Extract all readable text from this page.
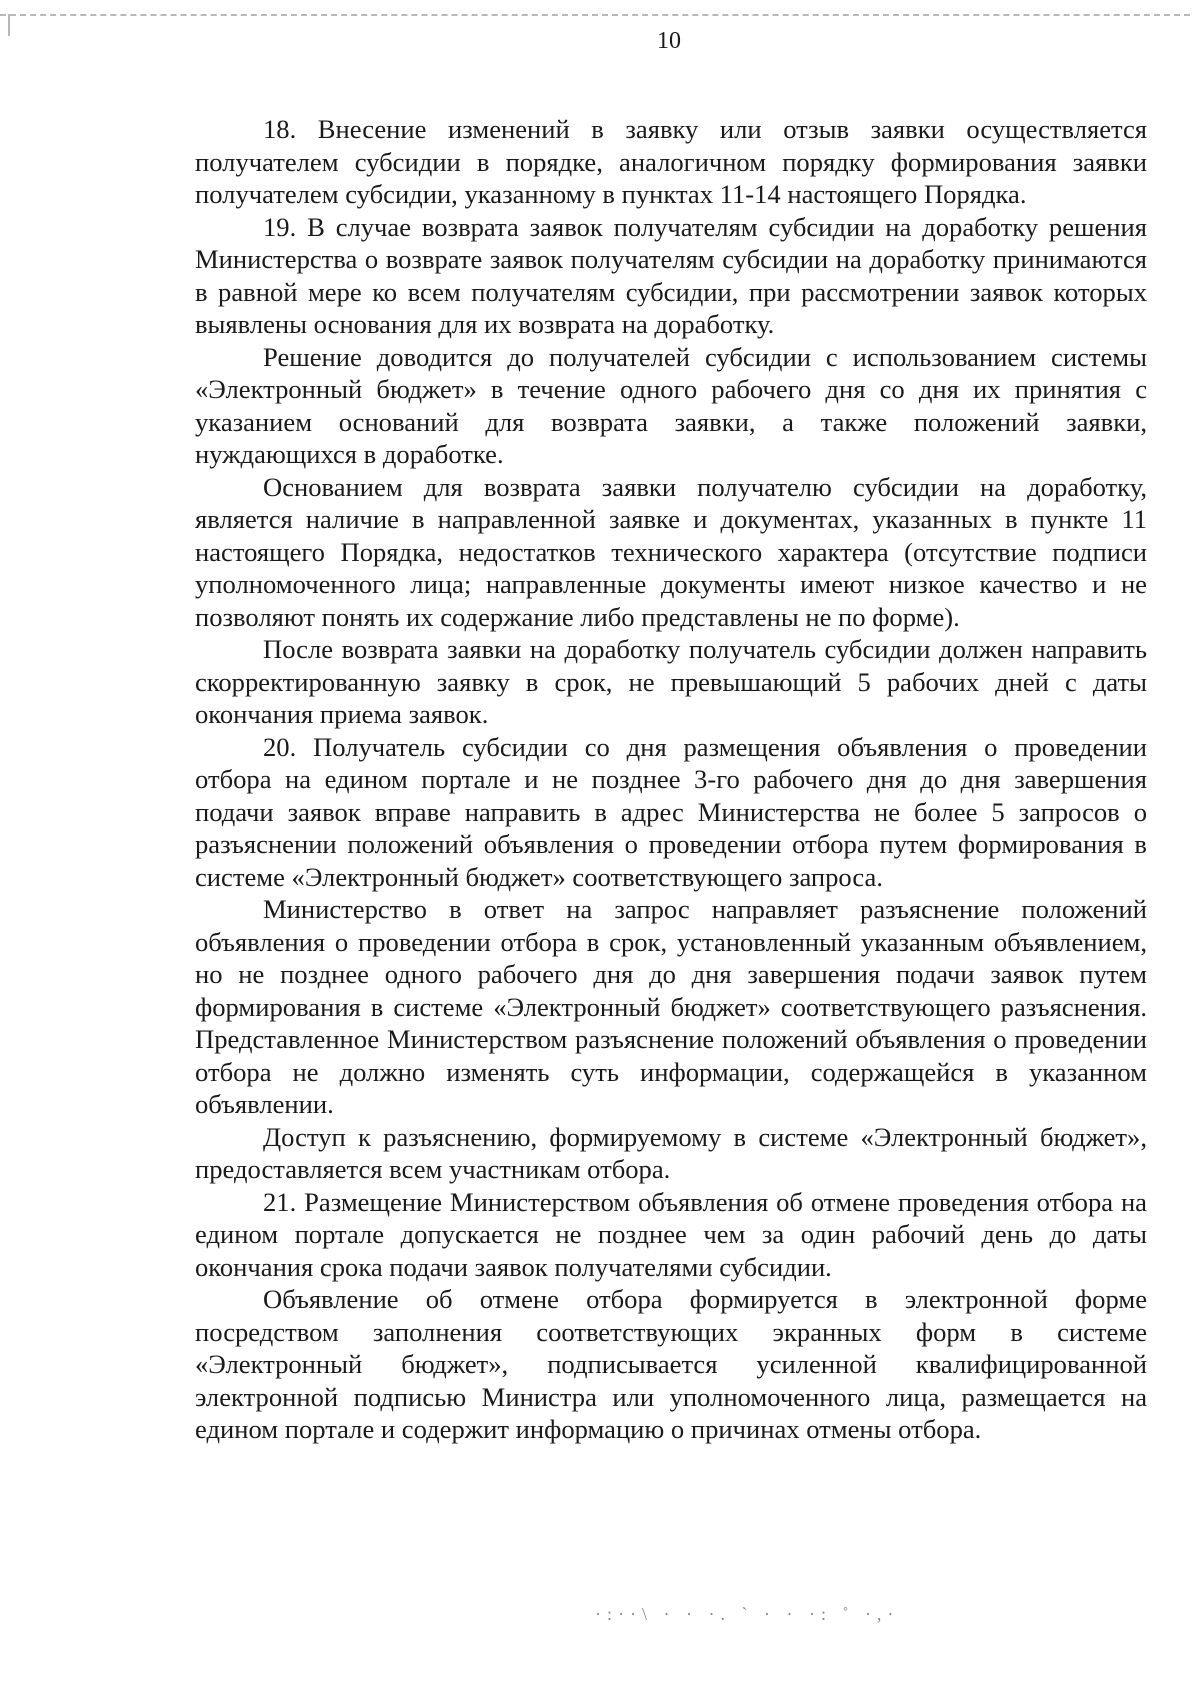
10

18. Внесение изменений в заявку или отзыв заявки осуществляется получателем субсидии в порядке, аналогичном порядку формирования заявки получателем субсидии, указанному в пунктах 11-14 настоящего Порядка.

19. В случае возврата заявок получателям субсидии на доработку решения Министерства о возврате заявок получателям субсидии на доработку принимаются в равной мере ко всем получателям субсидии, при рассмотрении заявок которых выявлены основания для их возврата на доработку.

Решение доводится до получателей субсидии с использованием системы «Электронный бюджет» в течение одного рабочего дня со дня их принятия с указанием оснований для возврата заявки, а также положений заявки, нуждающихся в доработке.

Основанием для возврата заявки получателю субсидии на доработку, является наличие в направленной заявке и документах, указанных в пункте 11 настоящего Порядка, недостатков технического характера (отсутствие подписи уполномоченного лица; направленные документы имеют низкое качество и не позволяют понять их содержание либо представлены не по форме).

После возврата заявки на доработку получатель субсидии должен направить скорректированную заявку в срок, не превышающий 5 рабочих дней с даты окончания приема заявок.

20. Получатель субсидии со дня размещения объявления о проведении отбора на едином портале и не позднее 3-го рабочего дня до дня завершения подачи заявок вправе направить в адрес Министерства не более 5 запросов о разъяснении положений объявления о проведении отбора путем формирования в системе «Электронный бюджет» соответствующего запроса.

Министерство в ответ на запрос направляет разъяснение положений объявления о проведении отбора в срок, установленный указанным объявлением, но не позднее одного рабочего дня до дня завершения подачи заявок путем формирования в системе «Электронный бюджет» соответствующего разъяснения. Представленное Министерством разъяснение положений объявления о проведении отбора не должно изменять суть информации, содержащейся в указанном объявлении.

Доступ к разъяснению, формируемому в системе «Электронный бюджет», предоставляется всем участникам отбора.

21. Размещение Министерством объявления об отмене проведения отбора на едином портале допускается не позднее чем за один рабочий день до даты окончания срока подачи заявок получателями субсидии.

Объявление об отмене отбора формируется в электронной форме посредством заполнения соответствующих экранных форм в системе «Электронный бюджет», подписывается усиленной квалифицированной электронной подписью Министра или уполномоченного лица, размещается на едином портале и содержит информацию о причинах отмены отбора.

·:··\ · · ·. ` · · ·: ˚ ·,·
